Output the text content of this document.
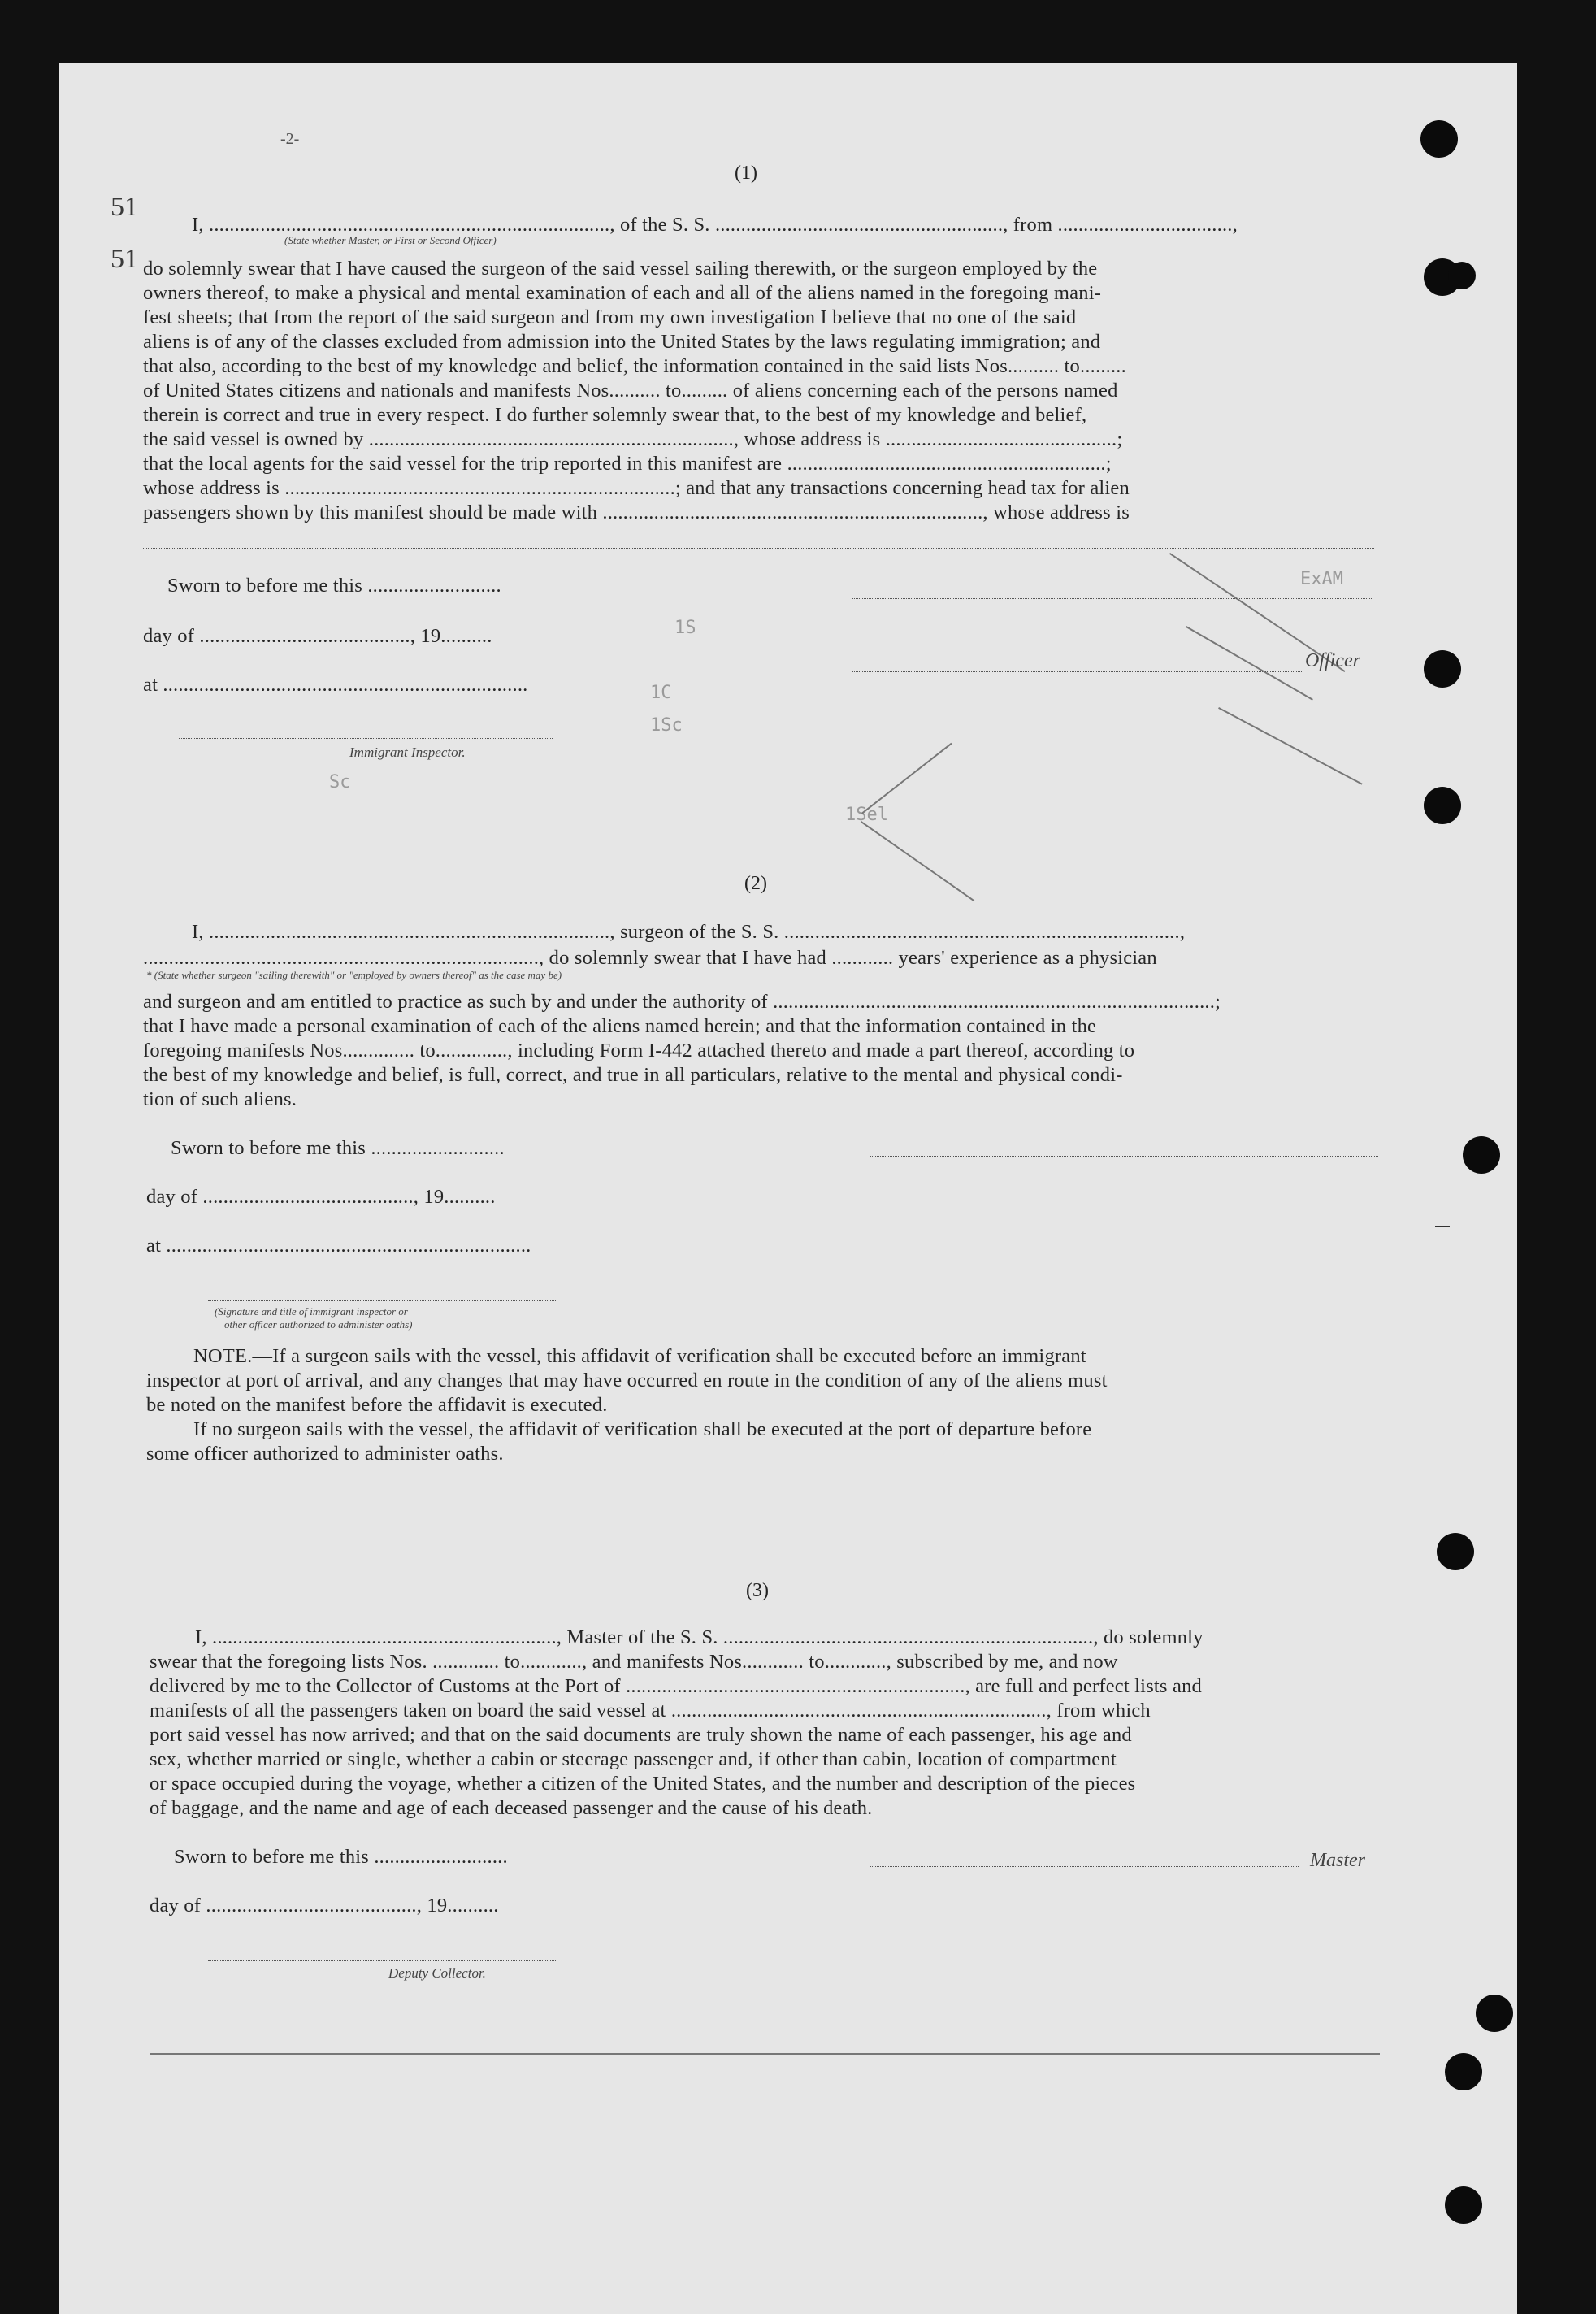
-2-
51
51
1S
Sc
1Sc
1C
ExAM
1Sel
(1)
I, .............................................................................., of the S. S. ........................................................, from ..................................,
(State whether Master, or First or Second Officer)
do solemnly swear that I have caused the surgeon of the said vessel sailing therewith, or the surgeon employed by the
owners thereof, to make a physical and mental examination of each and all of the aliens named in the foregoing mani-
fest sheets; that from the report of the said surgeon and from my own investigation I believe that no one of the said
aliens is of any of the classes excluded from admission into the United States by the laws regulating immigration; and
that also, according to the best of my knowledge and belief, the information contained in the said lists Nos.......... to.........
of United States citizens and nationals and manifests Nos.......... to......... of aliens concerning each of the persons named
therein is correct and true in every respect. I do further solemnly swear that, to the best of my knowledge and belief,
the said vessel is owned by ......................................................................., whose address is .............................................;
that the local agents for the said vessel for the trip reported in this manifest are ..............................................................;
whose address is ............................................................................; and that any transactions concerning head tax for alien
passengers shown by this manifest should be made with .........................................................................., whose address is
Sworn to before me this ..........................
day of ........................................., 19..........
at .......................................................................
Immigrant Inspector.
Officer
(2)
I, .............................................................................., surgeon of the S. S. .............................................................................,
............................................................................., do solemnly swear that I have had ............ years' experience as a physician
* (State whether surgeon "sailing therewith" or "employed by owners thereof" as the case may be)
and surgeon and am entitled to practice as such by and under the authority of ......................................................................................;
that I have made a personal examination of each of the aliens named herein; and that the information contained in the
foregoing manifests Nos.............. to.............., including Form I-442 attached thereto and made a part thereof, according to
the best of my knowledge and belief, is full, correct, and true in all particulars, relative to the mental and physical condi-
tion of such aliens.
Sworn to before me this ..........................
day of ........................................., 19..........
at .......................................................................
(Signature and title of immigrant inspector or
other officer authorized to administer oaths)
NOTE.—If a surgeon sails with the vessel, this affidavit of verification shall be executed before an immigrant
inspector at port of arrival, and any changes that may have occurred en route in the condition of any of the aliens must
be noted on the manifest before the affidavit is executed.
If no surgeon sails with the vessel, the affidavit of verification shall be executed at the port of departure before
some officer authorized to administer oaths.
(3)
I, ..................................................................., Master of the S. S. ........................................................................, do solemnly
swear that the foregoing lists Nos. ............. to............, and manifests Nos............ to............, subscribed by me, and now
delivered by me to the Collector of Customs at the Port of .................................................................., are full and perfect lists and
manifests of all the passengers taken on board the said vessel at ........................................................................., from which
port said vessel has now arrived; and that on the said documents are truly shown the name of each passenger, his age and
sex, whether married or single, whether a cabin or steerage passenger and, if other than cabin, location of compartment
or space occupied during the voyage, whether a citizen of the United States, and the number and description of the pieces
of baggage, and the name and age of each deceased passenger and the cause of his death.
Sworn to before me this ..........................	Master
day of ........................................., 19..........
Deputy Collector.
